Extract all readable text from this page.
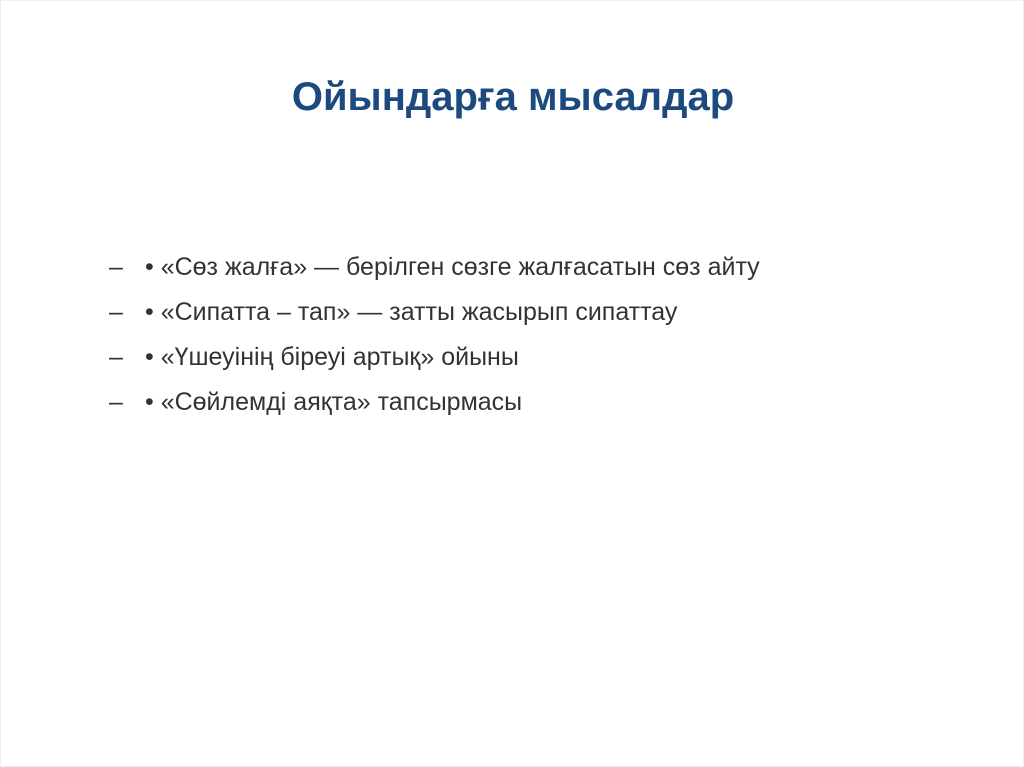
Ойындарға мысалдар
– • «Сөз жалға» — берілген сөзге жалғасатын сөз айту
– • «Сипатта – тап» — затты жасырып сипаттау
– • «Үшеуінің біреуі артық» ойыны
– • «Сөйлемді аяқта» тапсырмасы
